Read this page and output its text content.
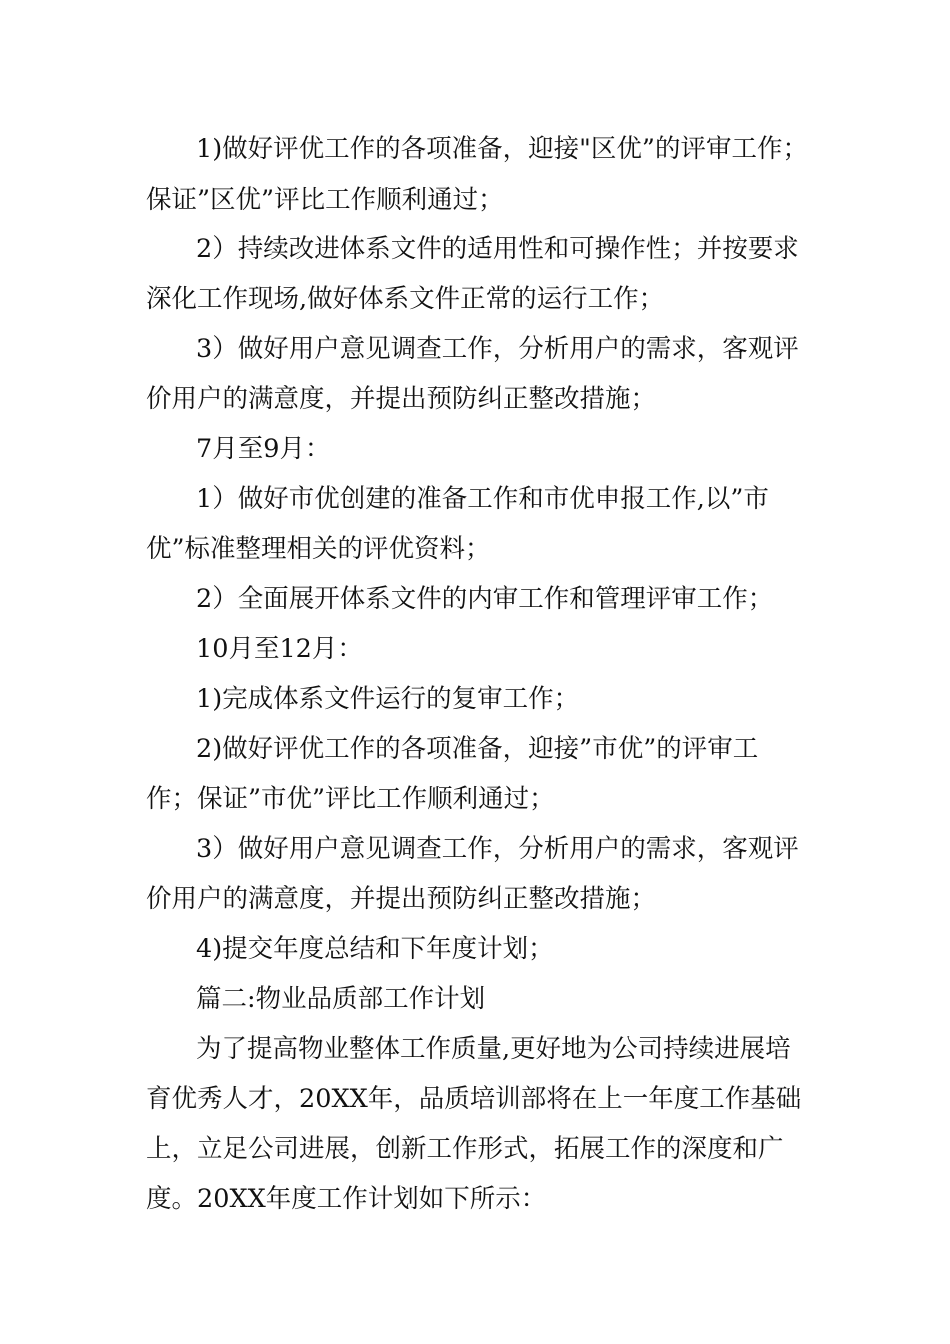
1)做好评优工作的各项准备，迎接"区优”的评审工作；
保证”区优”评比工作顺利通过；
2）持续改进体系文件的适用性和可操作性；并按要求
深化工作现场,做好体系文件正常的运行工作；
3）做好用户意见调查工作，分析用户的需求，客观评
价用户的满意度，并提出预防纠正整改措施；
7月至9月：
1）做好市优创建的准备工作和市优申报工作,以”市
优”标准整理相关的评优资料；
2）全面展开体系文件的内审工作和管理评审工作；
10月至12月：
1)完成体系文件运行的复审工作；
2)做好评优工作的各项准备，迎接”市优”的评审工
作；保证”市优”评比工作顺利通过；
3）做好用户意见调查工作，分析用户的需求，客观评
价用户的满意度，并提出预防纠正整改措施；
4)提交年度总结和下年度计划；
篇二:物业品质部工作计划
为了提高物业整体工作质量,更好地为公司持续进展培
育优秀人才，20XX年，品质培训部将在上一年度工作基础
上，立足公司进展，创新工作形式，拓展工作的深度和广
度。20XX年度工作计划如下所示：
